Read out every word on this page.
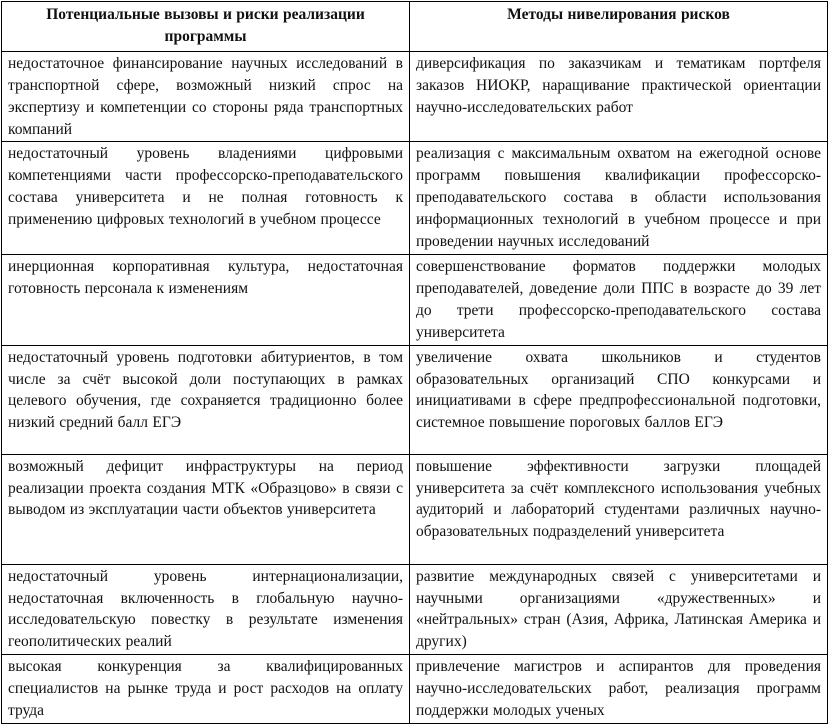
Потенциальные вызовы и риски реализации программы	Методы нивелирования рисков
недостаточное финансирование научных исследований в транспортной сфере, возможный низкий спрос на экспертизу и компетенции со стороны ряда транспортных компаний	диверсификация по заказчикам и тематикам портфеля заказов НИОКР, наращивание практической ориентации научно-исследовательских работ
недостаточный уровень владениями цифровыми компетенциями части профессорско-преподавательского состава университета и не полная готовность к применению цифровых технологий в учебном процессе	реализация с максимальным охватом на ежегодной основе программ повышения квалификации профессорско-преподавательского состава в области использования информационных технологий в учебном процессе и при проведении научных исследований
инерционная корпоративная культура, недостаточная готовность персонала к изменениям	совершенствование форматов поддержки молодых преподавателей, доведение доли ППС в возрасте до 39 лет до трети профессорско-преподавательского состава университета
недостаточный уровень подготовки абитуриентов, в том числе за счёт высокой доли поступающих в рамках целевого обучения, где сохраняется традиционно более низкий средний балл ЕГЭ	увеличение охвата школьников и студентов образовательных организаций СПО конкурсами и инициативами в сфере предпрофессиональной подготовки, системное повышение пороговых баллов ЕГЭ
возможный дефицит инфраструктуры на период реализации проекта создания МТК «Образцово» в связи с выводом из эксплуатации части объектов университета	повышение эффективности загрузки площадей университета за счёт комплексного использования учебных аудиторий и лабораторий студентами различных научно-образовательных подразделений университета
недостаточный уровень интернационализации, недостаточная включенность в глобальную научно-исследовательскую повестку в результате изменения геополитических реалий	развитие международных связей с университетами и научными организациями «дружественных» и «нейтральных» стран (Азия, Африка, Латинская Америка и других)
высокая конкуренция за квалифицированных специалистов на рынке труда и рост расходов на оплату труда	привлечение магистров и аспирантов для проведения научно-исследовательских работ, реализация программ поддержки молодых ученых
